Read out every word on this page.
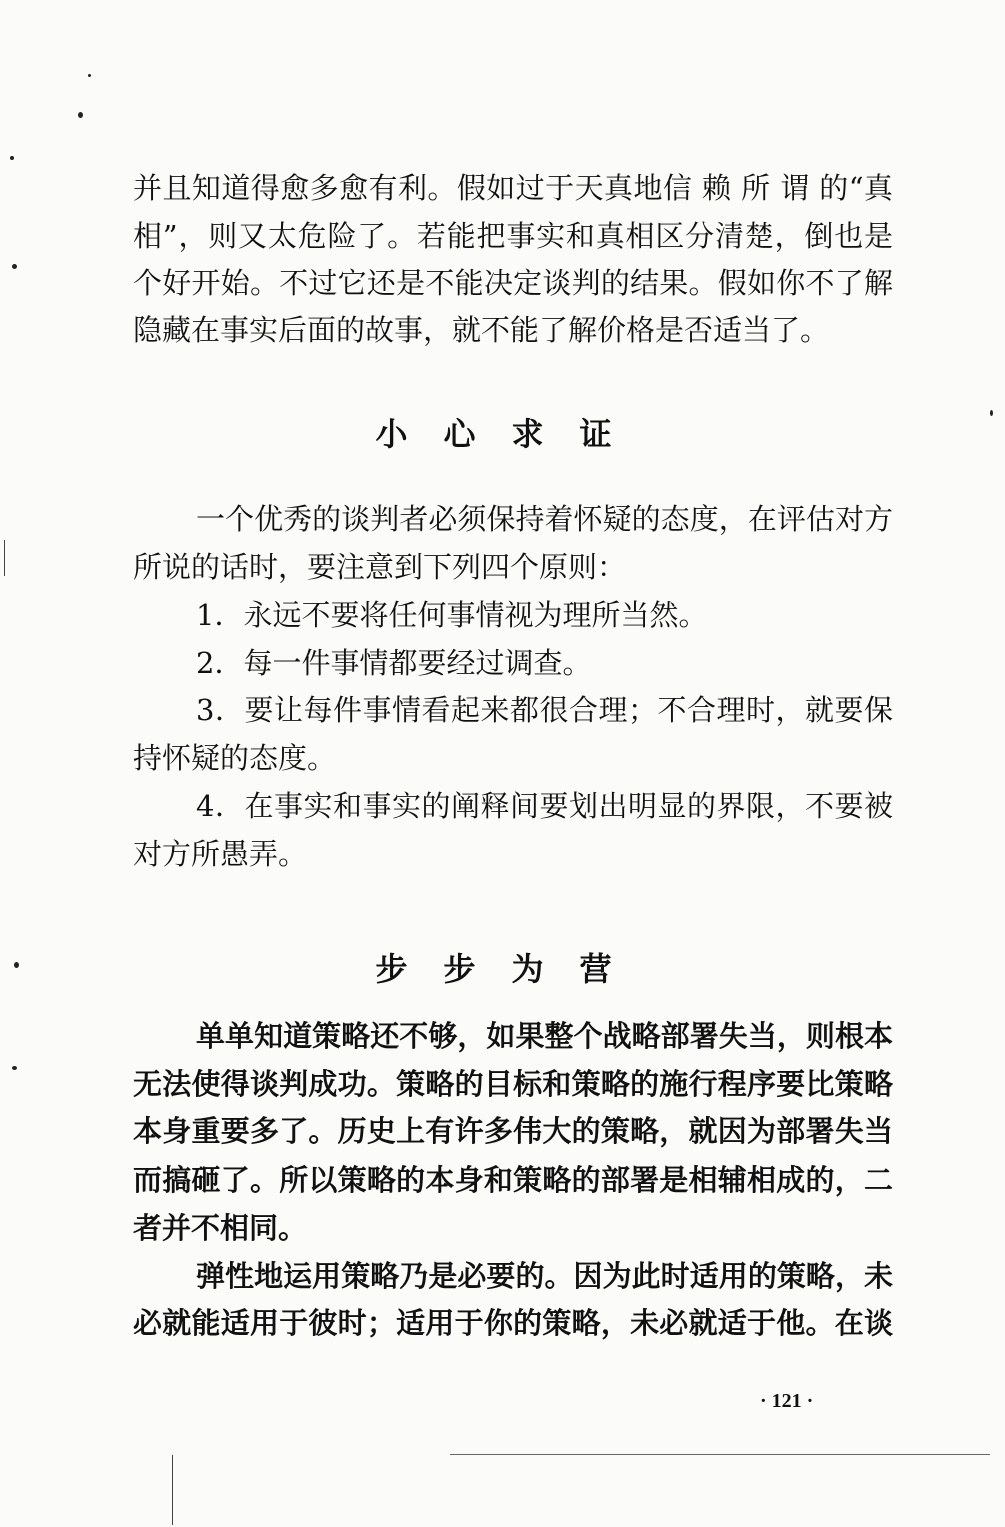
并且知道得愈多愈有利。假如过于天真地信 赖 所 谓 的“真
相”，则又太危险了。若能把事实和真相区分清楚，倒也是
个好开始。不过它还是不能决定谈判的结果。假如你不了解
隐藏在事实后面的故事，就不能了解价格是否适当了。
小心求证
一个优秀的谈判者必须保持着怀疑的态度，在评估对方
所说的话时，要注意到下列四个原则：
1．永远不要将任何事情视为理所当然。
2．每一件事情都要经过调查。
3．要让每件事情看起来都很合理；不合理时，就要保
持怀疑的态度。
4．在事实和事实的阐释间要划出明显的界限，不要被
对方所愚弄。
步步为营
单单知道策略还不够，如果整个战略部署失当，则根本
无法使得谈判成功。策略的目标和策略的施行程序要比策略
本身重要多了。历史上有许多伟大的策略，就因为部署失当
而搞砸了。所以策略的本身和策略的部署是相辅相成的，二
者并不相同。
弹性地运用策略乃是必要的。因为此时适用的策略，未
必就能适用于彼时；适用于你的策略，未必就适于他。在谈
· 121 ·
